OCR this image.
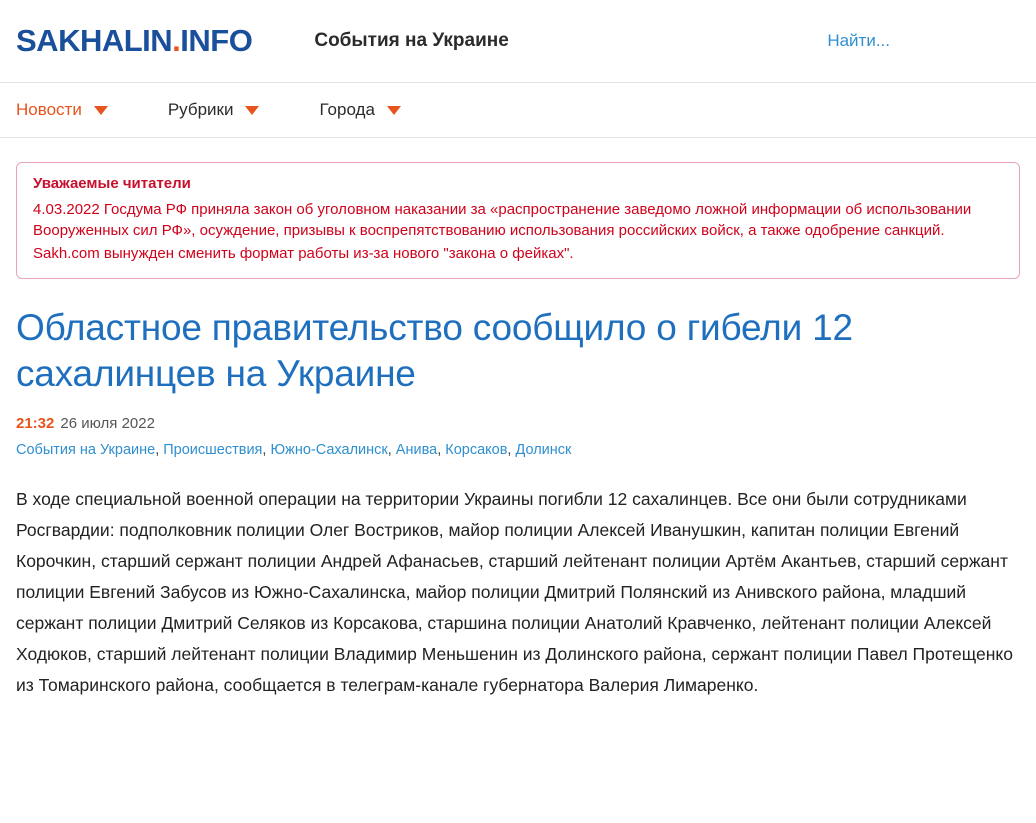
SAKHALIN.INFO	События на Украине	Найти...
Новости	Рубрики	Города
Уважаемые читатели

4.03.2022 Госдума РФ приняла закон об уголовном наказании за «распространение заведомо ложной информации об использовании Вооруженных сил РФ», осуждение, призывы к воспрепятствованию использования российских войск, а также одобрение санкций.

Sakh.com вынужден сменить формат работы из-за нового "закона о фейках".

Областное правительство сообщило о гибели 12 сахалинцев на Украине
21:32 26 июля 2022
События на Украине, Происшествия, Южно-Сахалинск, Анива, Корсаков, Долинск

В ходе специальной военной операции на территории Украины погибли 12 сахалинцев. Все они были сотрудниками Росгвардии: подполковник полиции Олег Востриков, майор полиции Алексей Иванушкин, капитан полиции Евгений Корочкин, старший сержант полиции Андрей Афанасьев, старший лейтенант полиции Артём Акантьев, старший сержант полиции Евгений Забусов из Южно-Сахалинска, майор полиции Дмитрий Полянский из Анивского района, младший сержант полиции Дмитрий Селяков из Корсакова, старшина полиции Анатолий Кравченко, лейтенант полиции Алексей Ходюков, старший лейтенант полиции Владимир Меньшенин из Долинского района, сержант полиции Павел Протещенко из Томаринского района, сообщается в телеграм-канале губернатора Валерия Лимаренко.
